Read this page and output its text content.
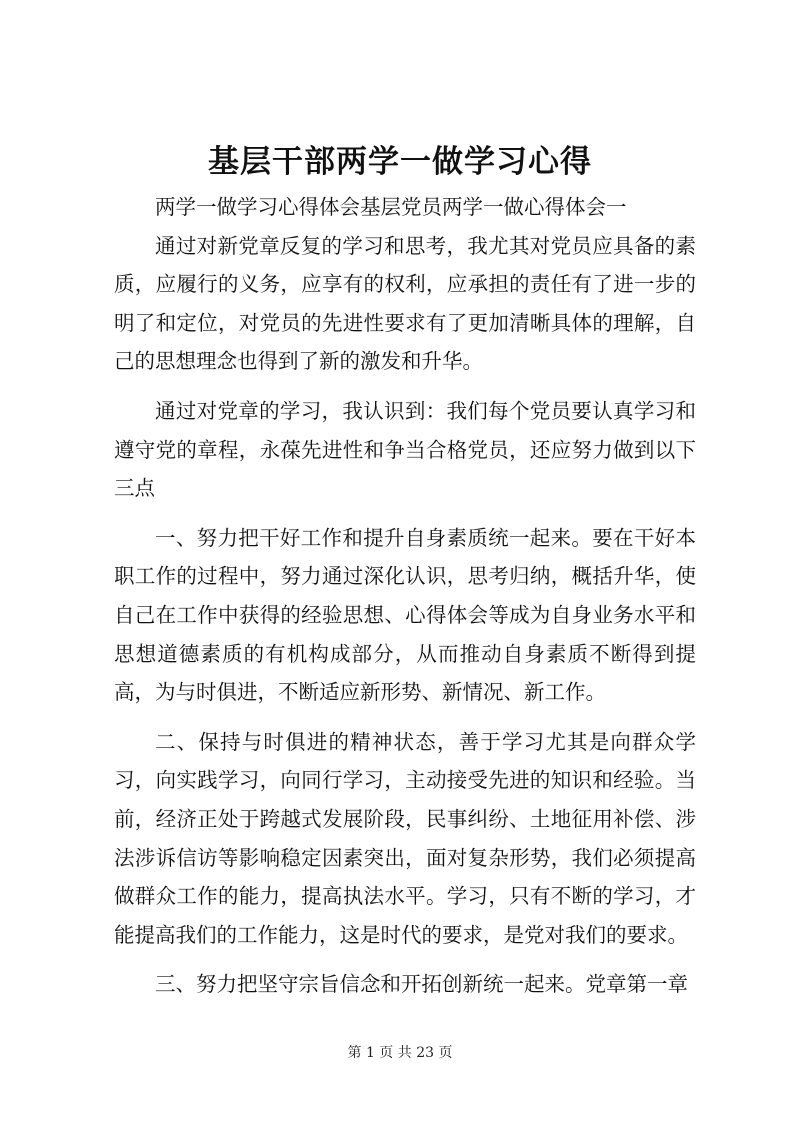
基层干部两学一做学习心得

两学一做学习心得体会基层党员两学一做心得体会一

通过对新党章反复的学习和思考，我尤其对党员应具备的素质，应履行的义务，应享有的权利，应承担的责任有了进一步的明了和定位，对党员的先进性要求有了更加清晰具体的理解，自己的思想理念也得到了新的激发和升华。

通过对党章的学习，我认识到：我们每个党员要认真学习和遵守党的章程，永葆先进性和争当合格党员，还应努力做到以下三点

一、努力把干好工作和提升自身素质统一起来。要在干好本职工作的过程中，努力通过深化认识，思考归纳，概括升华，使自己在工作中获得的经验思想、心得体会等成为自身业务水平和思想道德素质的有机构成部分，从而推动自身素质不断得到提高，为与时俱进，不断适应新形势、新情况、新工作。

二、保持与时俱进的精神状态，善于学习尤其是向群众学习，向实践学习，向同行学习，主动接受先进的知识和经验。当前，经济正处于跨越式发展阶段，民事纠纷、土地征用补偿、涉法涉诉信访等影响稳定因素突出，面对复杂形势，我们必须提高做群众工作的能力，提高执法水平。学习，只有不断的学习，才能提高我们的工作能力，这是时代的要求，是党对我们的要求。

三、努力把坚守宗旨信念和开拓创新统一起来。党章第一章

第 1 页 共 23 页
